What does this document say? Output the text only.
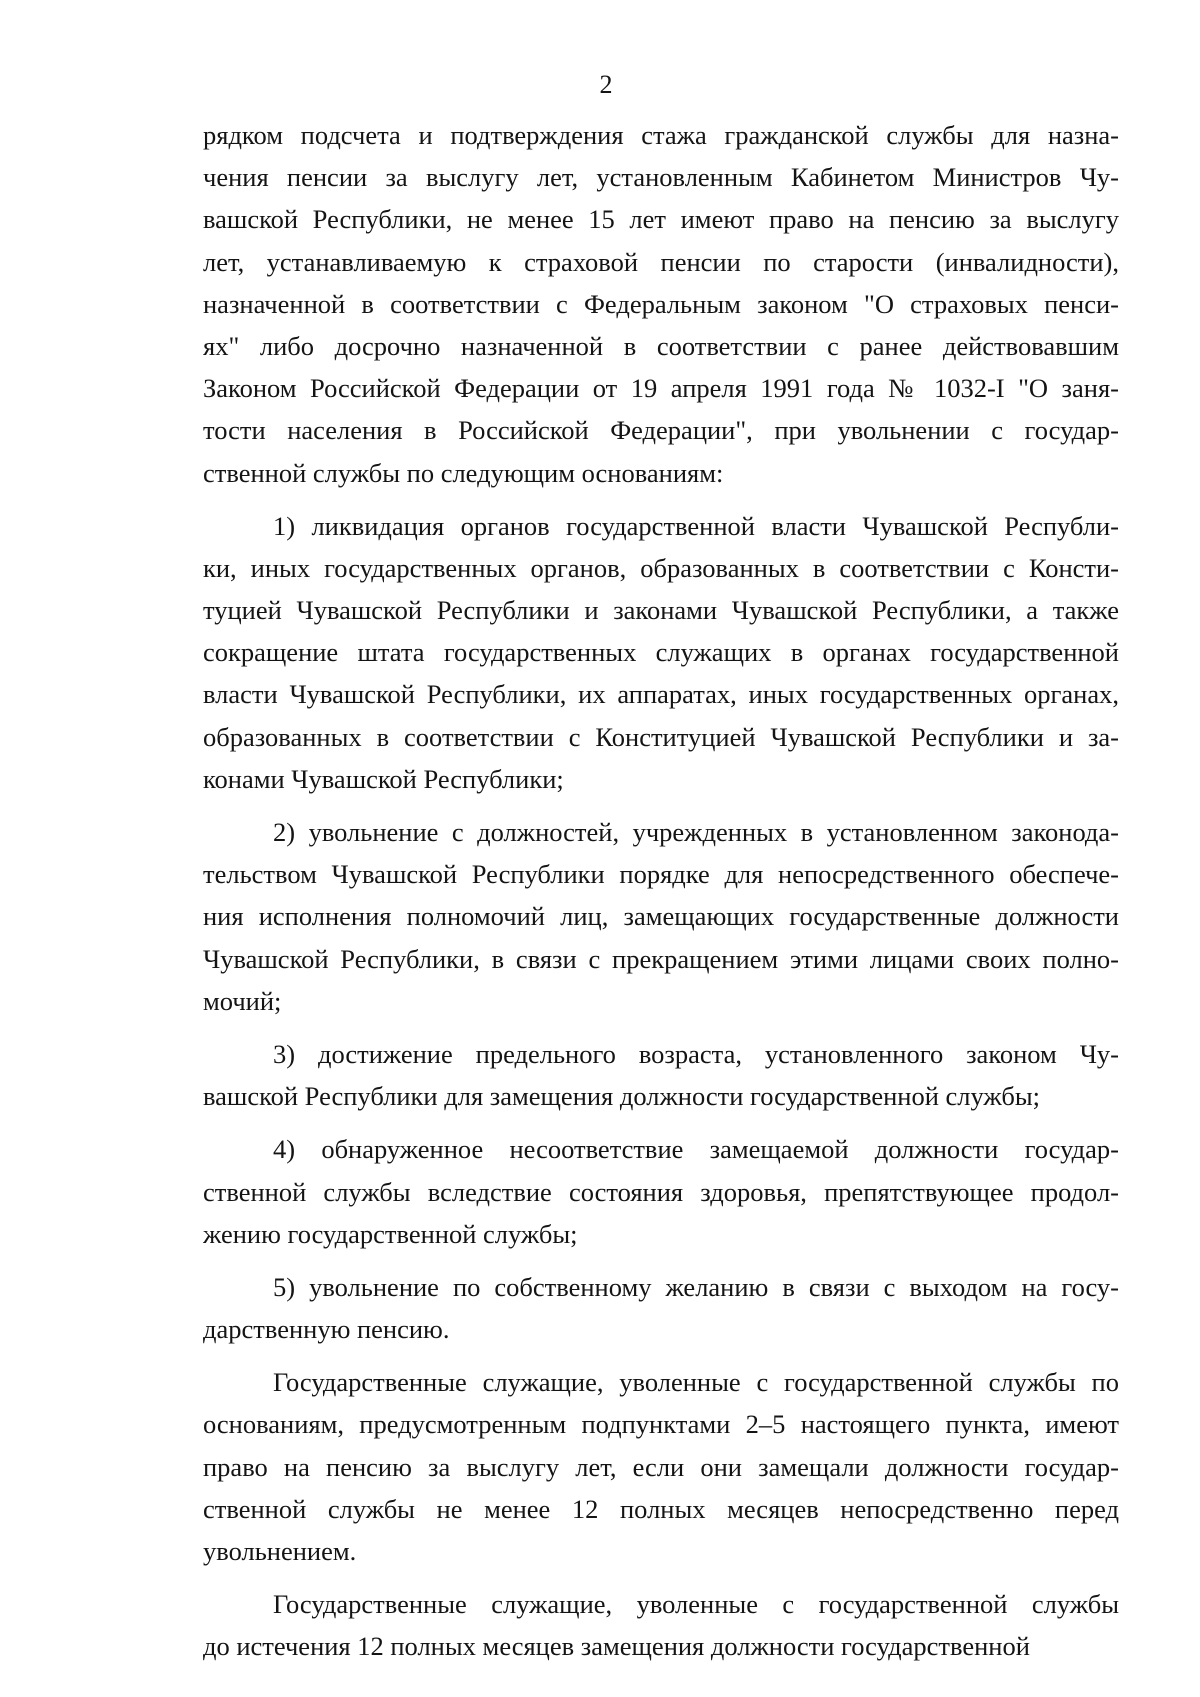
2
рядком подсчета и подтверждения стажа гражданской службы для назна-
чения пенсии за выслугу лет, установленным Кабинетом Министров Чу-
вашской Республики, не менее 15 лет имеют право на пенсию за выслугу
лет, устанавливаемую к страховой пенсии по старости (инвалидности),
назначенной в соответствии с Федеральным законом "О страховых пенси-
ях" либо досрочно назначенной в соответствии с ранее действовавшим
Законом Российской Федерации от 19 апреля 1991 года № 1032-I "О заня-
тости населения в Российской Федерации", при увольнении с государ-
ственной службы по следующим основаниям:
1) ликвидация органов государственной власти Чувашской Республи-
ки, иных государственных органов, образованных в соответствии с Консти-
туцией Чувашской Республики и законами Чувашской Республики, а также
сокращение штата государственных служащих в органах государственной
власти Чувашской Республики, их аппаратах, иных государственных органах,
образованных в соответствии с Конституцией Чувашской Республики и за-
конами Чувашской Республики;
2) увольнение с должностей, учрежденных в установленном законода-
тельством Чувашской Республики порядке для непосредственного обеспече-
ния исполнения полномочий лиц, замещающих государственные должности
Чувашской Республики, в связи с прекращением этими лицами своих полно-
мочий;
3) достижение предельного возраста, установленного законом Чу-
вашской Республики для замещения должности государственной службы;
4) обнаруженное несоответствие замещаемой должности государ-
ственной службы вследствие состояния здоровья, препятствующее продол-
жению государственной службы;
5) увольнение по собственному желанию в связи с выходом на госу-
дарственную пенсию.
Государственные служащие, уволенные с государственной службы по
основаниям, предусмотренным подпунктами 2–5 настоящего пункта, имеют
право на пенсию за выслугу лет, если они замещали должности государ-
ственной службы не менее 12 полных месяцев непосредственно перед
увольнением.
Государственные служащие, уволенные с государственной службы
до истечения 12 полных месяцев замещения должности государственной
